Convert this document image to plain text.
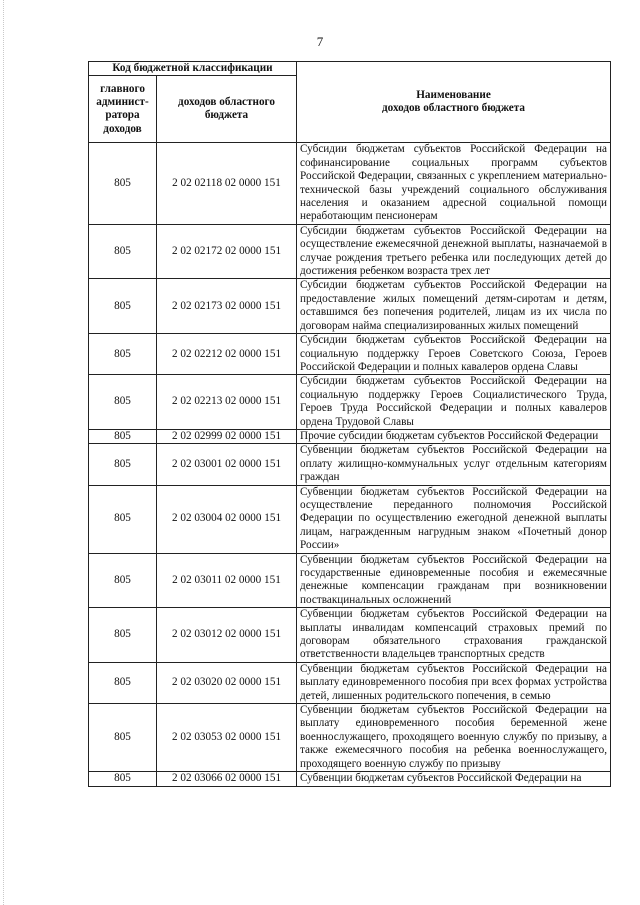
7
Код бюджетной классификации		Наименование
доходов областного бюджета

главного админист-ратора доходов	доходов областного бюджета	
805	2 02 02118 02 0000 151	Субсидии бюджетам субъектов Российской Федерации на софинансирование социальных программ субъектов Российской Федерации, связанных с укреплением материально-технической базы учреждений социального обслуживания населения и оказанием адресной социальной помощи неработающим пенсионерам
805	2 02 02172 02 0000 151	Субсидии бюджетам субъектов Российской Федерации на осуществление ежемесячной денежной выплаты, назначаемой в случае рождения третьего ребенка или последующих детей до достижения ребенком возраста трех лет
805	2 02 02173 02 0000 151	Субсидии бюджетам субъектов Российской Федерации на предоставление жилых помещений детям-сиротам и детям, оставшимся без попечения родителей, лицам из их числа по договорам найма специализированных жилых помещений
805	2 02 02212 02 0000 151	Субсидии бюджетам субъектов Российской Федерации на социальную поддержку Героев Советского Союза, Героев Российской Федерации и полных кавалеров ордена Славы
805	2 02 02213 02 0000 151	Субсидии бюджетам субъектов Российской Федерации на социальную поддержку Героев Социалистического Труда, Героев Труда Российской Федерации и полных кавалеров ордена Трудовой Славы
805	2 02 02999 02 0000 151	Прочие субсидии бюджетам субъектов Российской Федерации
805	2 02 03001 02 0000 151	Субвенции бюджетам субъектов Российской Федерации на оплату жилищно-коммунальных услуг отдельным категориям граждан
805	2 02 03004 02 0000 151	Субвенции бюджетам субъектов Российской Федерации на осуществление переданного полномочия Российской Федерации по осуществлению ежегодной денежной выплаты лицам, награжденным нагрудным знаком «Почетный донор России»
805	2 02 03011 02 0000 151	Субвенции бюджетам субъектов Российской Федерации на государственные единовременные пособия и ежемесячные денежные компенсации гражданам при возникновении поствакцинальных осложнений
805	2 02 03012 02 0000 151	Субвенции бюджетам субъектов Российской Федерации на выплаты инвалидам компенсаций страховых премий по договорам обязательного страхования гражданской ответственности владельцев транспортных средств
805	2 02 03020 02 0000 151	Субвенции бюджетам субъектов Российской Федерации на выплату единовременного пособия при всех формах устройства детей, лишенных родительского попечения, в семью
805	2 02 03053 02 0000 151	Субвенции бюджетам субъектов Российской Федерации на выплату единовременного пособия беременной жене военнослужащего, проходящего военную службу по призыву, а также ежемесячного пособия на ребенка военнослужащего, проходящего военную службу по призыву
805	2 02 03066 02 0000 151	Субвенции бюджетам субъектов Российской Федерации на
